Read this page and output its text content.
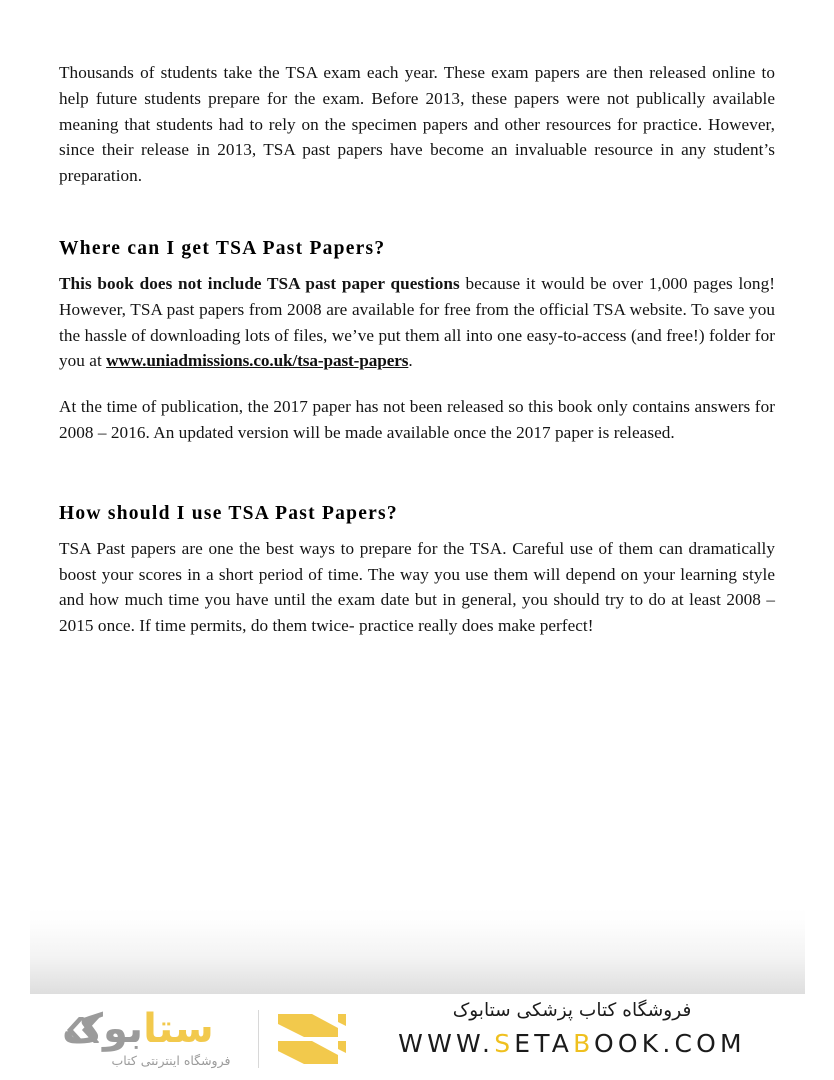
Thousands of students take the TSA exam each year. These exam papers are then released online to help future students prepare for the exam. Before 2013, these papers were not publically available meaning that students had to rely on the specimen papers and other resources for practice. However, since their release in 2013, TSA past papers have become an invaluable resource in any student’s preparation.

Where can I get TSA Past Papers?

This book does not include TSA past paper questions because it would be over 1,000 pages long! However, TSA past papers from 2008 are available for free from the official TSA website. To save you the hassle of downloading lots of files, we’ve put them all into one easy-to-access (and free!) folder for you at www.uniadmissions.co.uk/tsa-past-papers.

At the time of publication, the 2017 paper has not been released so this book only contains answers for 2008 – 2016. An updated version will be made available once the 2017 paper is released.

How should I use TSA Past Papers?

TSA Past papers are one the best ways to prepare for the TSA. Careful use of them can dramatically boost your scores in a short period of time. The way you use them will depend on your learning style and how much time you have until the exam date but in general, you should try to do at least 2008 – 2015 once. If time permits, do them twice- practice really does make perfect!

ستا
بوک
فروشگاه اینترنتی کتاب
فروشگاه کتاب پزشکی ستابوک
WWW.SETABOOK.COM
